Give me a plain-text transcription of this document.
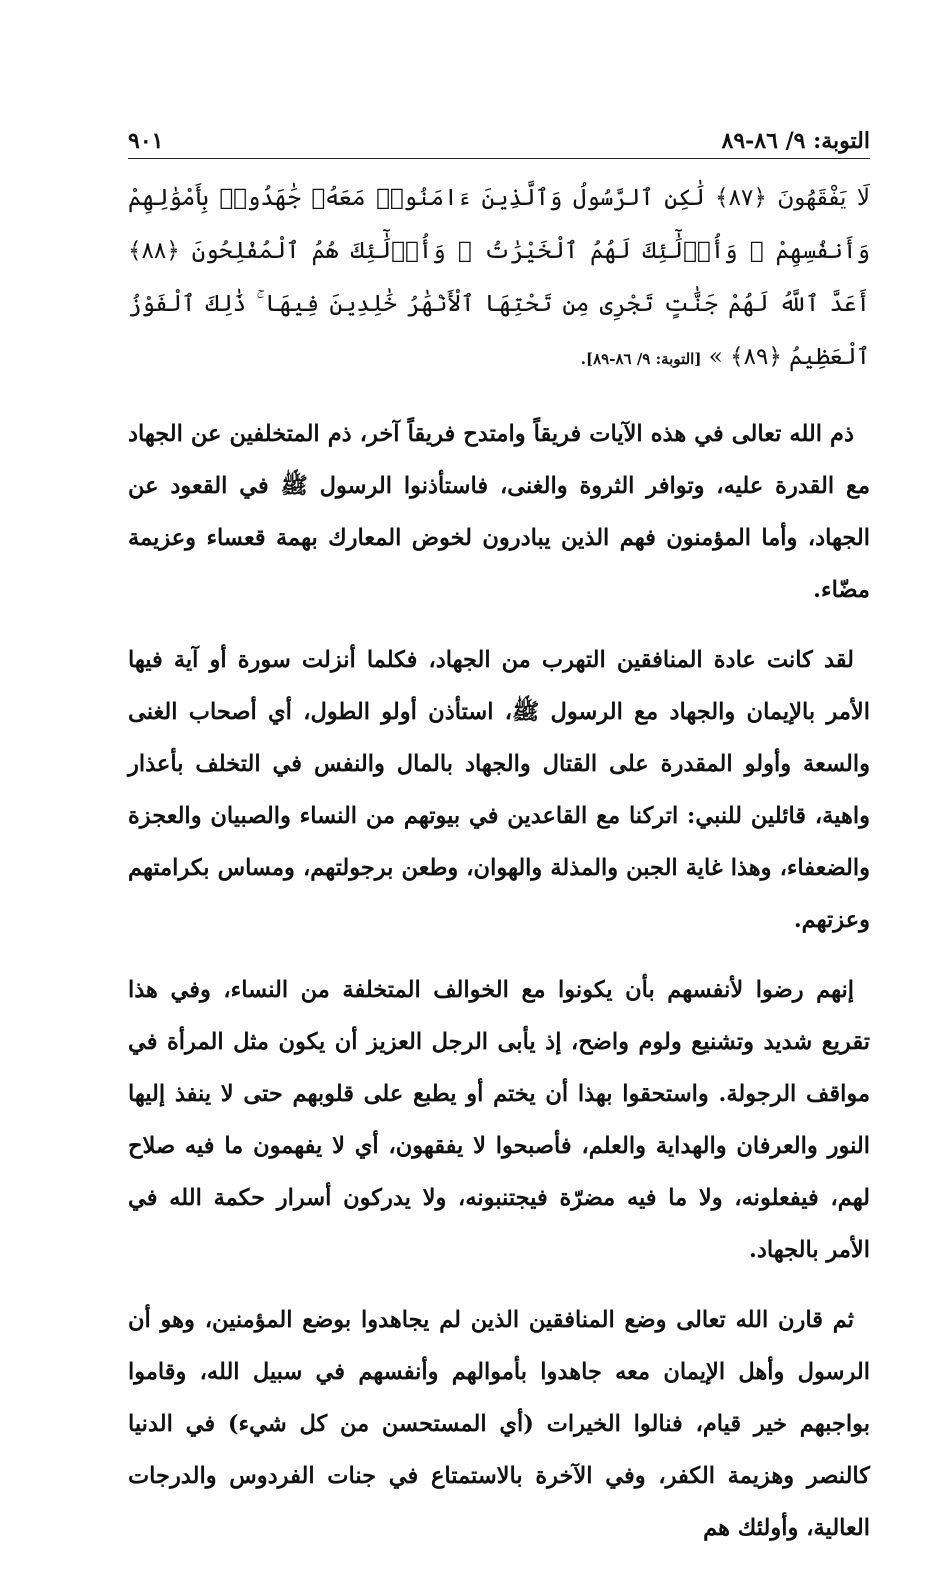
التوبة: ٩/ ٨٦-٨٩
٩٠١

لَا يَفْقَهُونَ ﴿٨٧﴾ لَٰكِنِ ٱلرَّسُولُ وَٱلَّذِينَ ءَامَنُوا۟ مَعَهُۥ جَٰهَدُوا۟ بِأَمْوَٰلِهِمْ وَأَنفُسِهِمْ ۚ وَأُو۟لَٰٓئِكَ لَهُمُ ٱلْخَيْرَٰتُ ۖ وَأُو۟لَٰٓئِكَ هُمُ ٱلْمُفْلِحُونَ ﴿٨٨﴾ أَعَدَّ ٱللَّهُ لَهُمْ جَنَّٰتٍ تَجْرِى مِن تَحْتِهَا ٱلْأَنْهَٰرُ خَٰلِدِينَ فِيهَا ۚ ذَٰلِكَ ٱلْفَوْزُ ٱلْعَظِيمُ ﴿٨٩﴾ » [التوبة: ٩/ ٨٦-٨٩].

ذم الله تعالى في هذه الآيات فريقاً وامتدح فريقاً آخر، ذم المتخلفين عن الجهاد مع القدرة عليه، وتوافر الثروة والغنى، فاستأذنوا الرسول ﷺ في القعود عن الجهاد، وأما المؤمنون فهم الذين يبادرون لخوض المعارك بهمة قعساء وعزيمة مضّاء.

لقد كانت عادة المنافقين التهرب من الجهاد، فكلما أنزلت سورة أو آية فيها الأمر بالإيمان والجهاد مع الرسول ﷺ، استأذن أولو الطول، أي أصحاب الغنى والسعة وأولو المقدرة على القتال والجهاد بالمال والنفس في التخلف بأعذار واهية، قائلين للنبي: اتركنا مع القاعدين في بيوتهم من النساء والصبيان والعجزة والضعفاء، وهذا غاية الجبن والمذلة والهوان، وطعن برجولتهم، ومساس بكرامتهم وعزتهم.

إنهم رضوا لأنفسهم بأن يكونوا مع الخوالف المتخلفة من النساء، وفي هذا تقريع شديد وتشنيع ولوم واضح، إذ يأبى الرجل العزيز أن يكون مثل المرأة في مواقف الرجولة. واستحقوا بهذا أن يختم أو يطبع على قلوبهم حتى لا ينفذ إليها النور والعرفان والهداية والعلم، فأصبحوا لا يفقهون، أي لا يفهمون ما فيه صلاح لهم، فيفعلونه، ولا ما فيه مضرّة فيجتنبونه، ولا يدركون أسرار حكمة الله في الأمر بالجهاد.

ثم قارن الله تعالى وضع المنافقين الذين لم يجاهدوا بوضع المؤمنين، وهو أن الرسول وأهل الإيمان معه جاهدوا بأموالهم وأنفسهم في سبيل الله، وقاموا بواجبهم خير قيام، فنالوا الخيرات (أي المستحسن من كل شيء) في الدنيا كالنصر وهزيمة الكفر، وفي الآخرة بالاستمتاع في جنات الفردوس والدرجات العالية، وأولئك هم
